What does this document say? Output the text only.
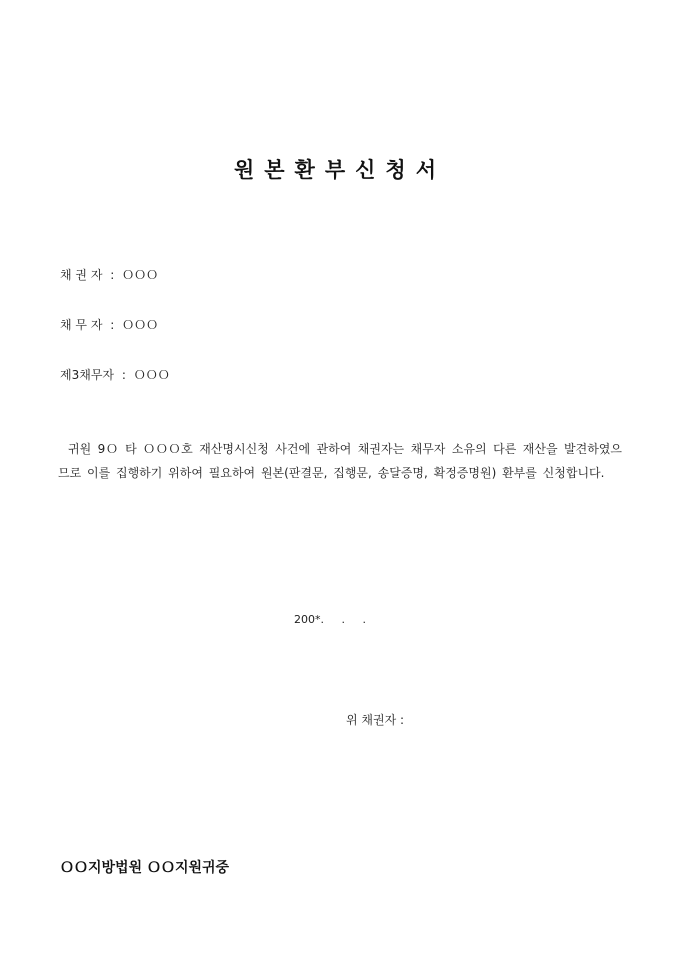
원본환부신청서
채 권 자 : ＯＯＯ
채 무 자 : ＯＯＯ
제3채무자 : ＯＯＯ
귀원 9Ｏ 타 ＯＯＯ호 재산명시신청 사건에 관하여 채권자는 채무자 소유의 다른 재산을 발견하였으므로 이를 집행하기 위하여 필요하여 원본(판결문, 집행문, 송달증명, 확정증명원) 환부를 신청합니다.
200*.     .     .
위 채권자 :
ＯＯ지방법원 ＯＯ지원귀중
